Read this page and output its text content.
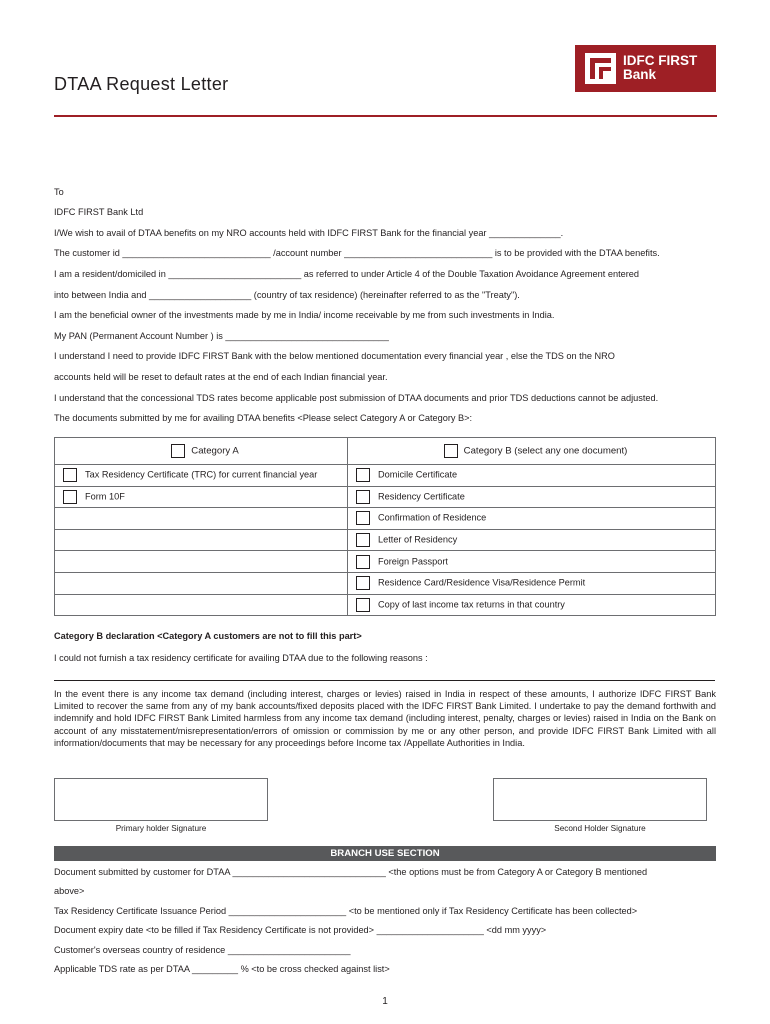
DTAA Request Letter
IDFC FIRST
Bank
To
IDFC FIRST Bank Ltd
I/We wish to avail of DTAA benefits on my NRO accounts held with IDFC FIRST Bank for the financial year ______________.
The customer id _____________________________ /account number _____________________________ is to be provided with the DTAA benefits.
I am a resident/domiciled in __________________________ as referred to under Article 4 of the Double Taxation Avoidance Agreement entered
into between India and ____________________ (country of tax residence) (hereinafter referred to as the "Treaty").
I am the beneficial owner of the investments made by me in India/ income receivable by me from such investments in India.
My PAN (Permanent Account Number ) is ________________________________
I understand I need to provide IDFC FIRST Bank with the below mentioned documentation every financial year , else the TDS on the NRO
accounts held will be reset to default rates at the end of each Indian financial year.
I understand that the concessional TDS rates become applicable post submission of DTAA documents and prior TDS deductions cannot be adjusted.
The documents submitted by me for availing DTAA benefits <Please select Category A or Category B>:
Category A	Category B (select any one document)
Tax Residency Certificate (TRC) for current financial year	Domicile Certificate
Form 10F	Residency Certificate
	Confirmation of Residence
	Letter of Residency
	Foreign Passport
	Residence Card/Residence Visa/Residence Permit
	Copy of last income tax returns in that country
Category B declaration <Category A customers are not to fill this part>
I could not furnish a tax residency certificate for availing DTAA due to the following reasons :
In the event there is any income tax demand (including interest, charges or levies) raised in India in respect of these amounts, I authorize IDFC FIRST Bank Limited to recover the same from any of my bank accounts/fixed deposits placed with the IDFC FIRST Bank Limited. I undertake to pay the demand forthwith and indemnify and hold IDFC FIRST Bank Limited harmless from any income tax demand (including interest, penalty, charges or levies) raised in India on the Bank on account of any misstatement/misrepresentation/errors of omission or commission by me or any other person, and provide IDFC FIRST Bank Limited with all information/documents that may be necessary for any proceedings before Income tax /Appellate Authorities in India.
Primary holder Signature	Second Holder Signature
BRANCH USE SECTION
Document submitted by customer for DTAA ______________________________ <the options must be from Category A or Category B mentioned
above>
Tax Residency Certificate Issuance Period _______________________ <to be mentioned only if Tax Residency Certificate has been collected>
Document expiry date <to be filled if Tax Residency Certificate is not provided> _____________________ <dd mm yyyy>
Customer's overseas country of residence ________________________
Applicable TDS rate as per DTAA _________ % <to be cross checked against list>
1
